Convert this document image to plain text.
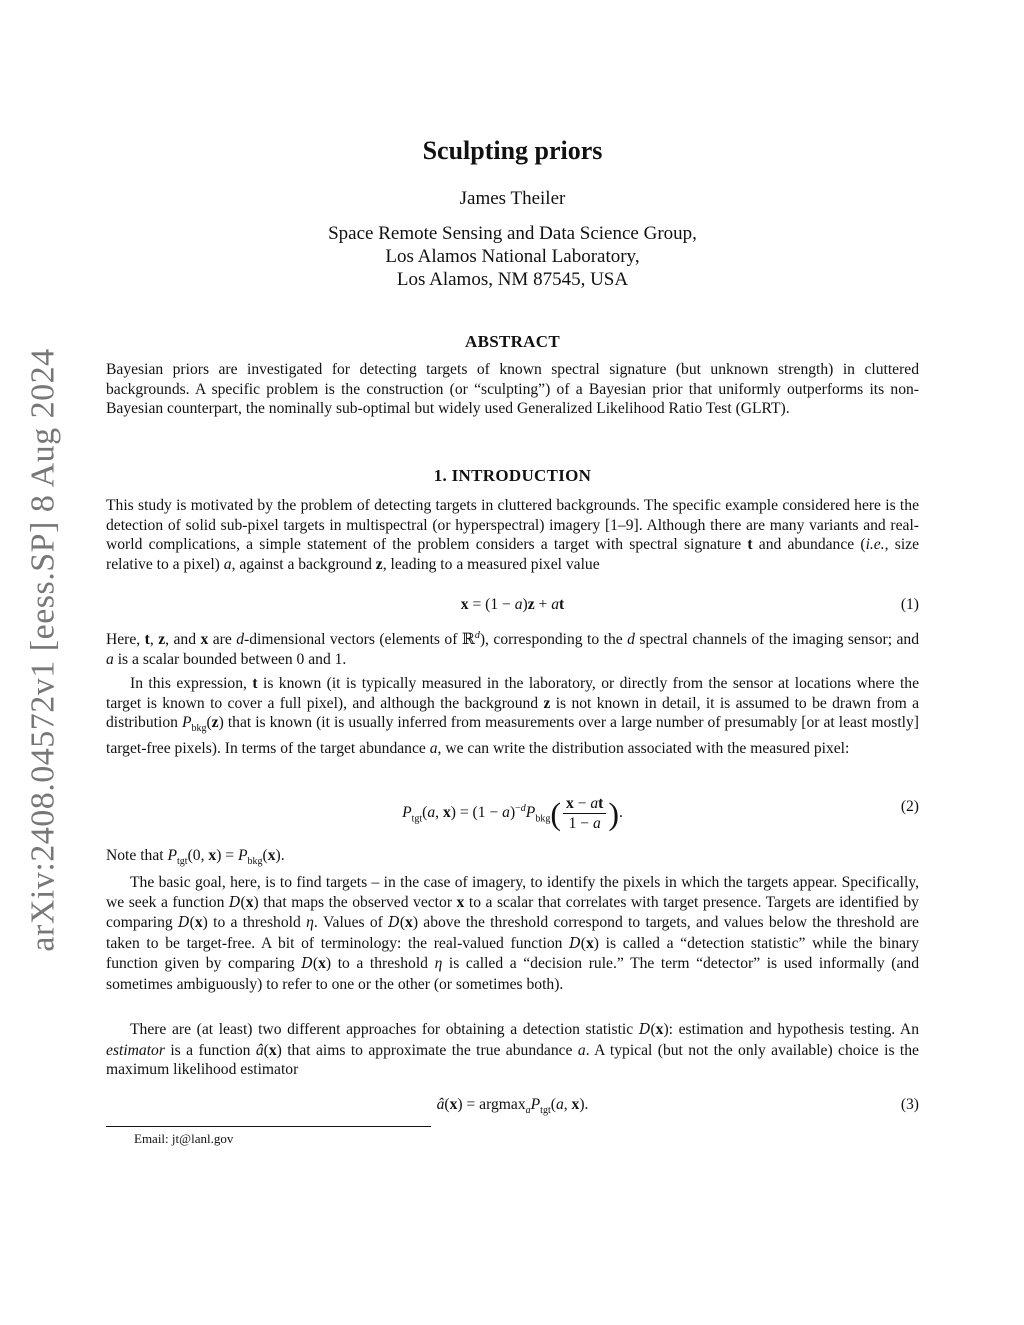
arXiv:2408.04572v1 [eess.SP] 8 Aug 2024
Sculpting priors
James Theiler
Space Remote Sensing and Data Science Group,
Los Alamos National Laboratory,
Los Alamos, NM 87545, USA
ABSTRACT
Bayesian priors are investigated for detecting targets of known spectral signature (but unknown strength) in cluttered backgrounds. A specific problem is the construction (or “sculpting”) of a Bayesian prior that uniformly outperforms its non-Bayesian counterpart, the nominally sub-optimal but widely used Generalized Likelihood Ratio Test (GLRT).
1. INTRODUCTION
This study is motivated by the problem of detecting targets in cluttered backgrounds. The specific example considered here is the detection of solid sub-pixel targets in multispectral (or hyperspectral) imagery [1–9]. Although there are many variants and real-world complications, a simple statement of the problem considers a target with spectral signature t and abundance (i.e., size relative to a pixel) a, against a background z, leading to a measured pixel value
x = (1 − a)z + at	(1)
Here, t, z, and x are d-dimensional vectors (elements of ℝ$^d$), corresponding to the d spectral channels of the imaging sensor; and a is a scalar bounded between 0 and 1.
In this expression, t is known (it is typically measured in the laboratory, or directly from the sensor at locations where the target is known to cover a full pixel), and although the background z is not known in detail, it is assumed to be drawn from a distribution $P_{bkg}(z)$ that is known (it is usually inferred from measurements over a large number of presumably [or at least mostly] target-free pixels). In terms of the target abundance a, we can write the distribution associated with the measured pixel:
$P_{tgt}(a$, $x) = (1 - a)^{-d}P_{bkg}( \frac{x - at}{1 - a}$ ).	(2)
Note that $P_{tgt}(0$, $x) = P_{bkg}(x)$.
The basic goal, here, is to find targets – in the case of imagery, to identify the pixels in which the targets appear. Specifically, we seek a function D(x) that maps the observed vector x to a scalar that correlates with target presence. Targets are identified by comparing D(x) to a threshold η. Values of D(x) above the threshold correspond to targets, and values below the threshold are taken to be target-free. A bit of terminology: the real-valued function D(x) is called a “detection statistic” while the binary function given by comparing D(x) to a threshold η is called a “decision rule.” The term “detector” is used informally (and sometimes ambiguously) to refer to one or the other (or sometimes both).
There are (at least) two different approaches for obtaining a detection statistic D(x): estimation and hypothesis testing. An estimator is a function â(x) that aims to approximate the true abundance a. A typical (but not the only available) choice is the maximum likelihood estimator
â(x) = $argmax_aP_{tgt}(a$, x).	(3)
Email: jt@lanl.gov
